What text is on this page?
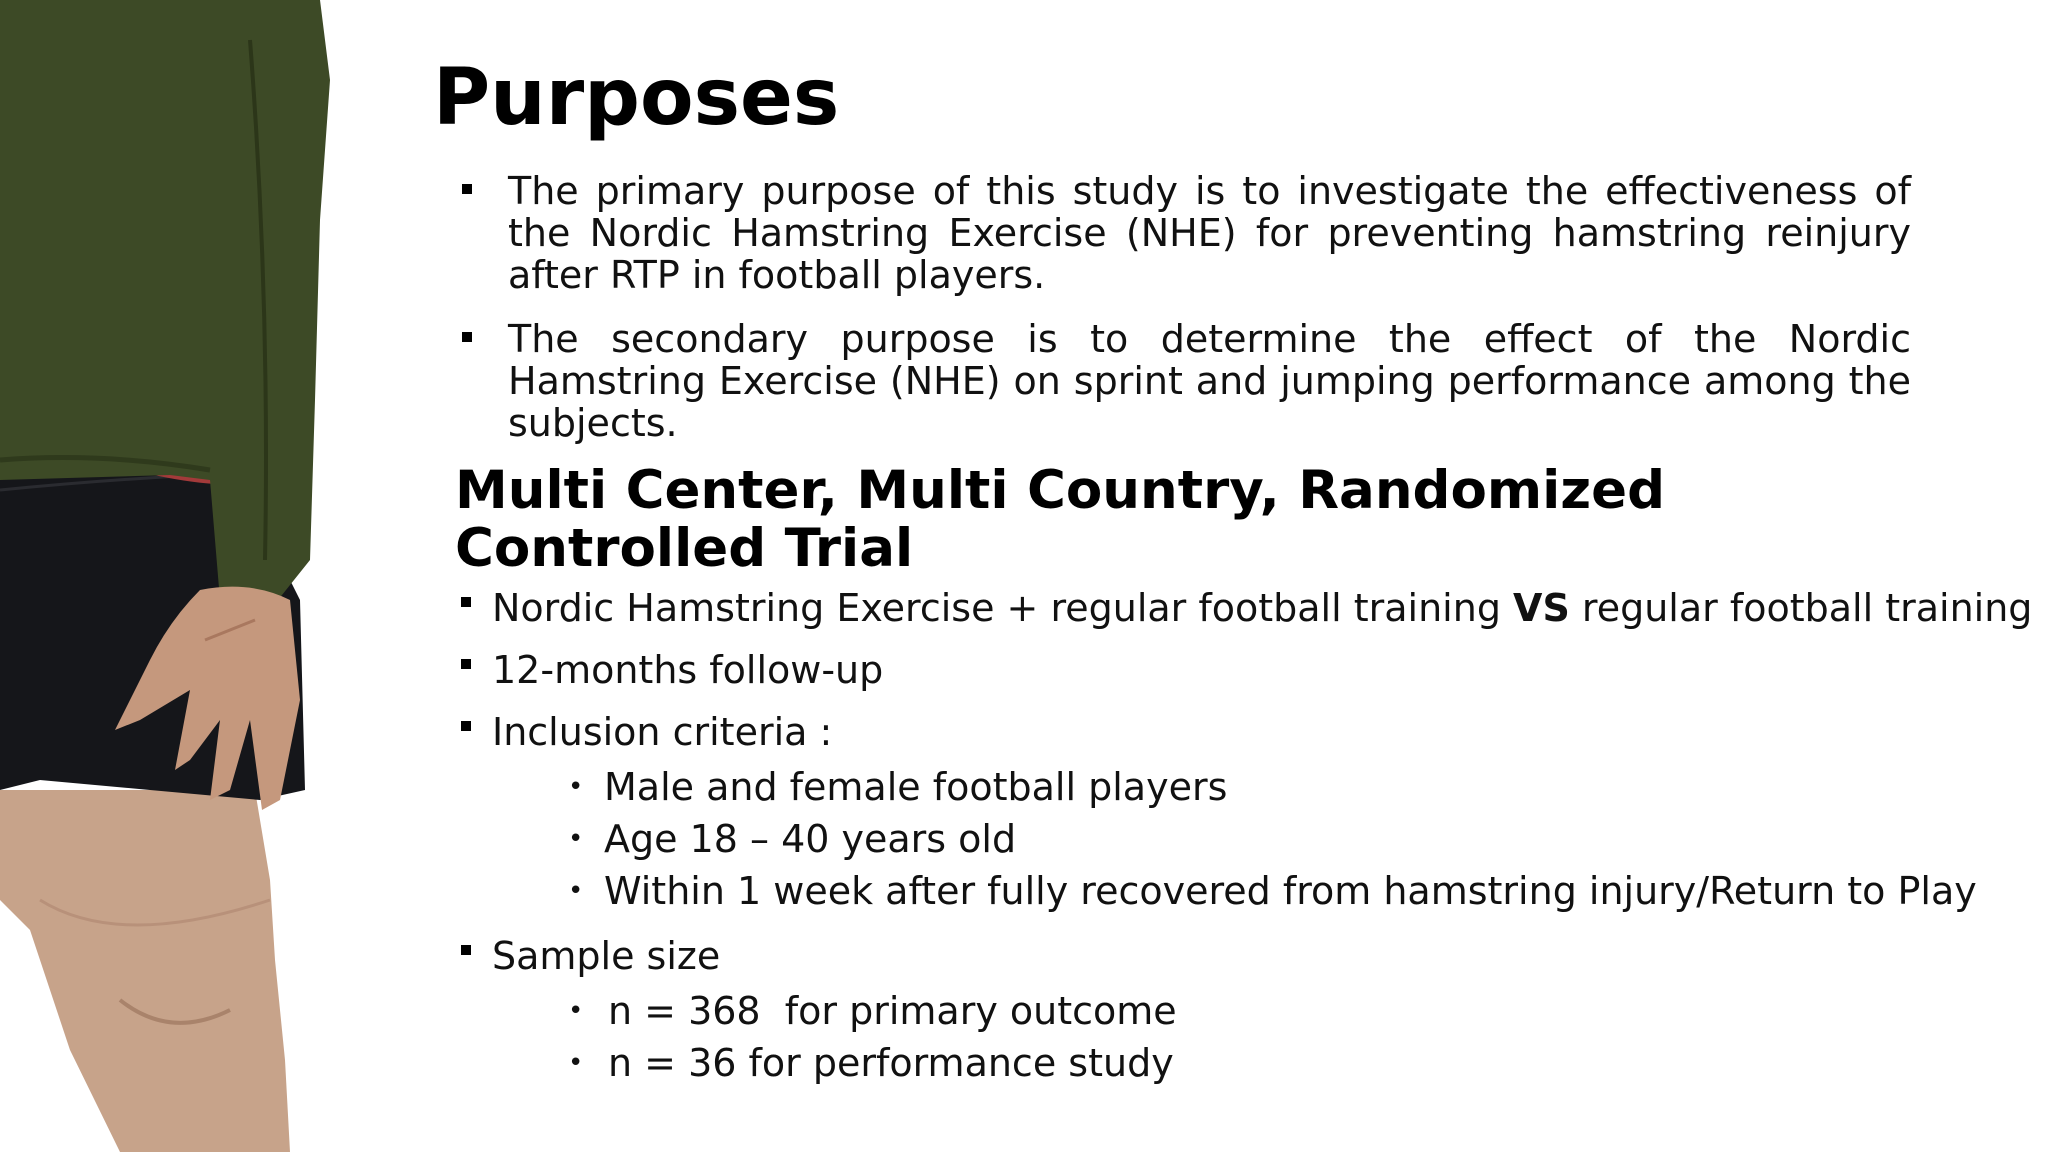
Purposes
The primary purpose of this study is to investigate the effectiveness of the Nordic Hamstring Exercise (NHE) for preventing hamstring reinjury after RTP in football players.
The secondary purpose is to determine the effect of the Nordic Hamstring Exercise (NHE) on sprint and jumping performance among the subjects.
Multi Center, Multi Country, Randomized Controlled Trial
Nordic Hamstring Exercise + regular football training VS regular football training
12-months follow-up
Inclusion criteria :
• Male and female football players
• Age 18 – 40 years old
• Within 1 week after fully recovered from hamstring injury/Return to Play
Sample size
• n = 368  for primary outcome
• n = 36 for performance study
